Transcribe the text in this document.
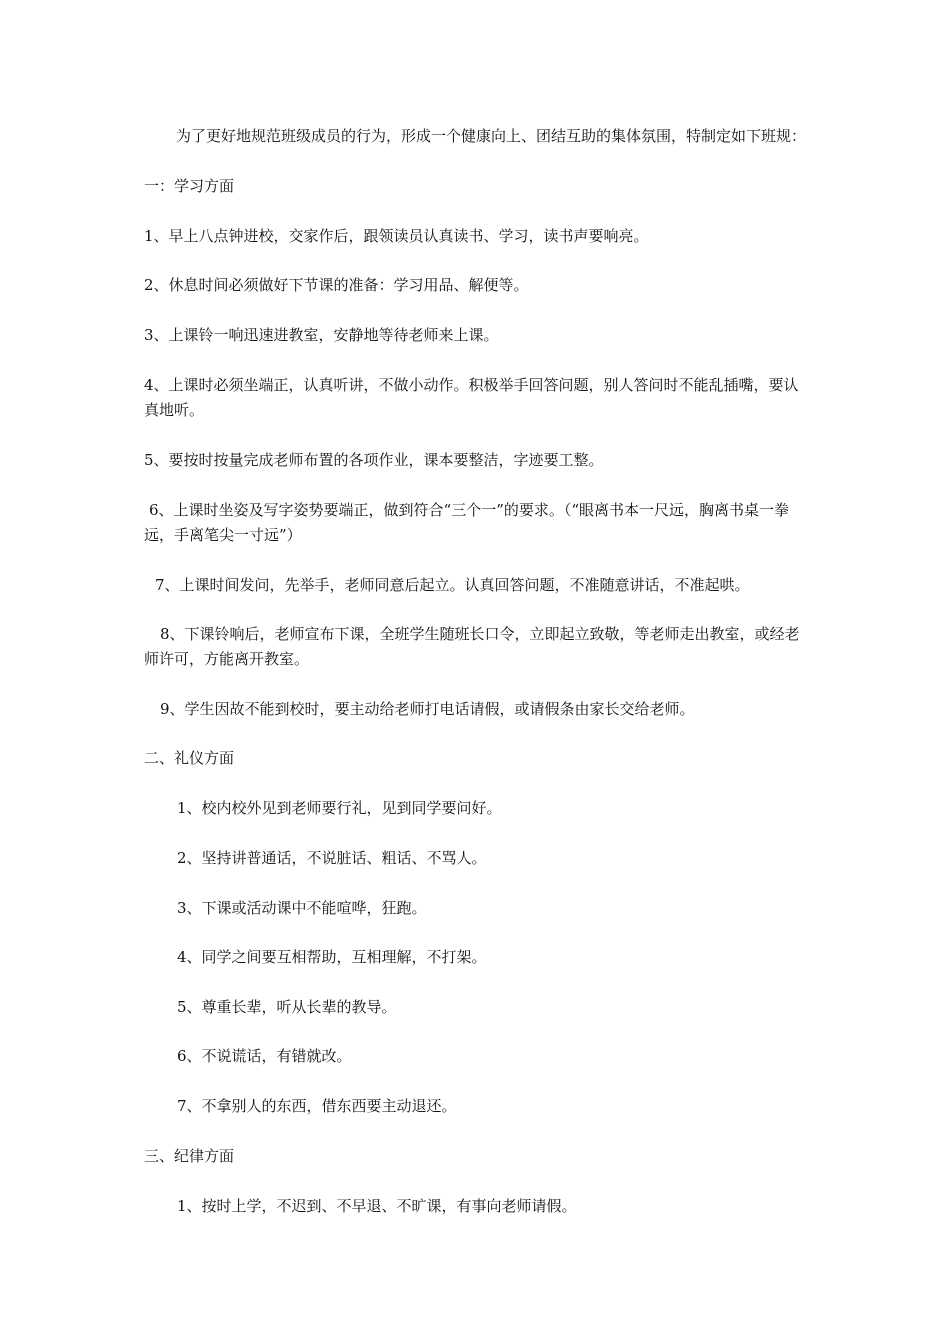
为了更好地规范班级成员的行为，形成一个健康向上、团结互助的集体氛围，特制定如下班规：
一：学习方面
1、早上八点钟进校，交家作后，跟领读员认真读书、学习，读书声要响亮。
2、休息时间必须做好下节课的准备：学习用品、解便等。
3、上课铃一响迅速进教室，安静地等待老师来上课。
4、上课时必须坐端正，认真听讲，不做小动作。积极举手回答问题，别人答问时不能乱插嘴，要认真地听。
5、要按时按量完成老师布置的各项作业，课本要整洁，字迹要工整。
6、上课时坐姿及写字姿势要端正，做到符合“三个一”的要求。（“眼离书本一尺远，胸离书桌一拳远，手离笔尖一寸远”）
7、上课时间发问，先举手，老师同意后起立。认真回答问题，不准随意讲话，不准起哄。
8、下课铃响后，老师宣布下课，全班学生随班长口令，立即起立致敬，等老师走出教室，或经老师许可，方能离开教室。
9、学生因故不能到校时，要主动给老师打电话请假，或请假条由家长交给老师。
二、礼仪方面
1、校内校外见到老师要行礼，见到同学要问好。
2、坚持讲普通话，不说脏话、粗话、不骂人。
3、下课或活动课中不能喧哗，狂跑。
4、同学之间要互相帮助，互相理解，不打架。
5、尊重长辈，听从长辈的教导。
6、不说谎话，有错就改。
7、不拿别人的东西，借东西要主动退还。
三、纪律方面
1、按时上学，不迟到、不早退、不旷课，有事向老师请假。
